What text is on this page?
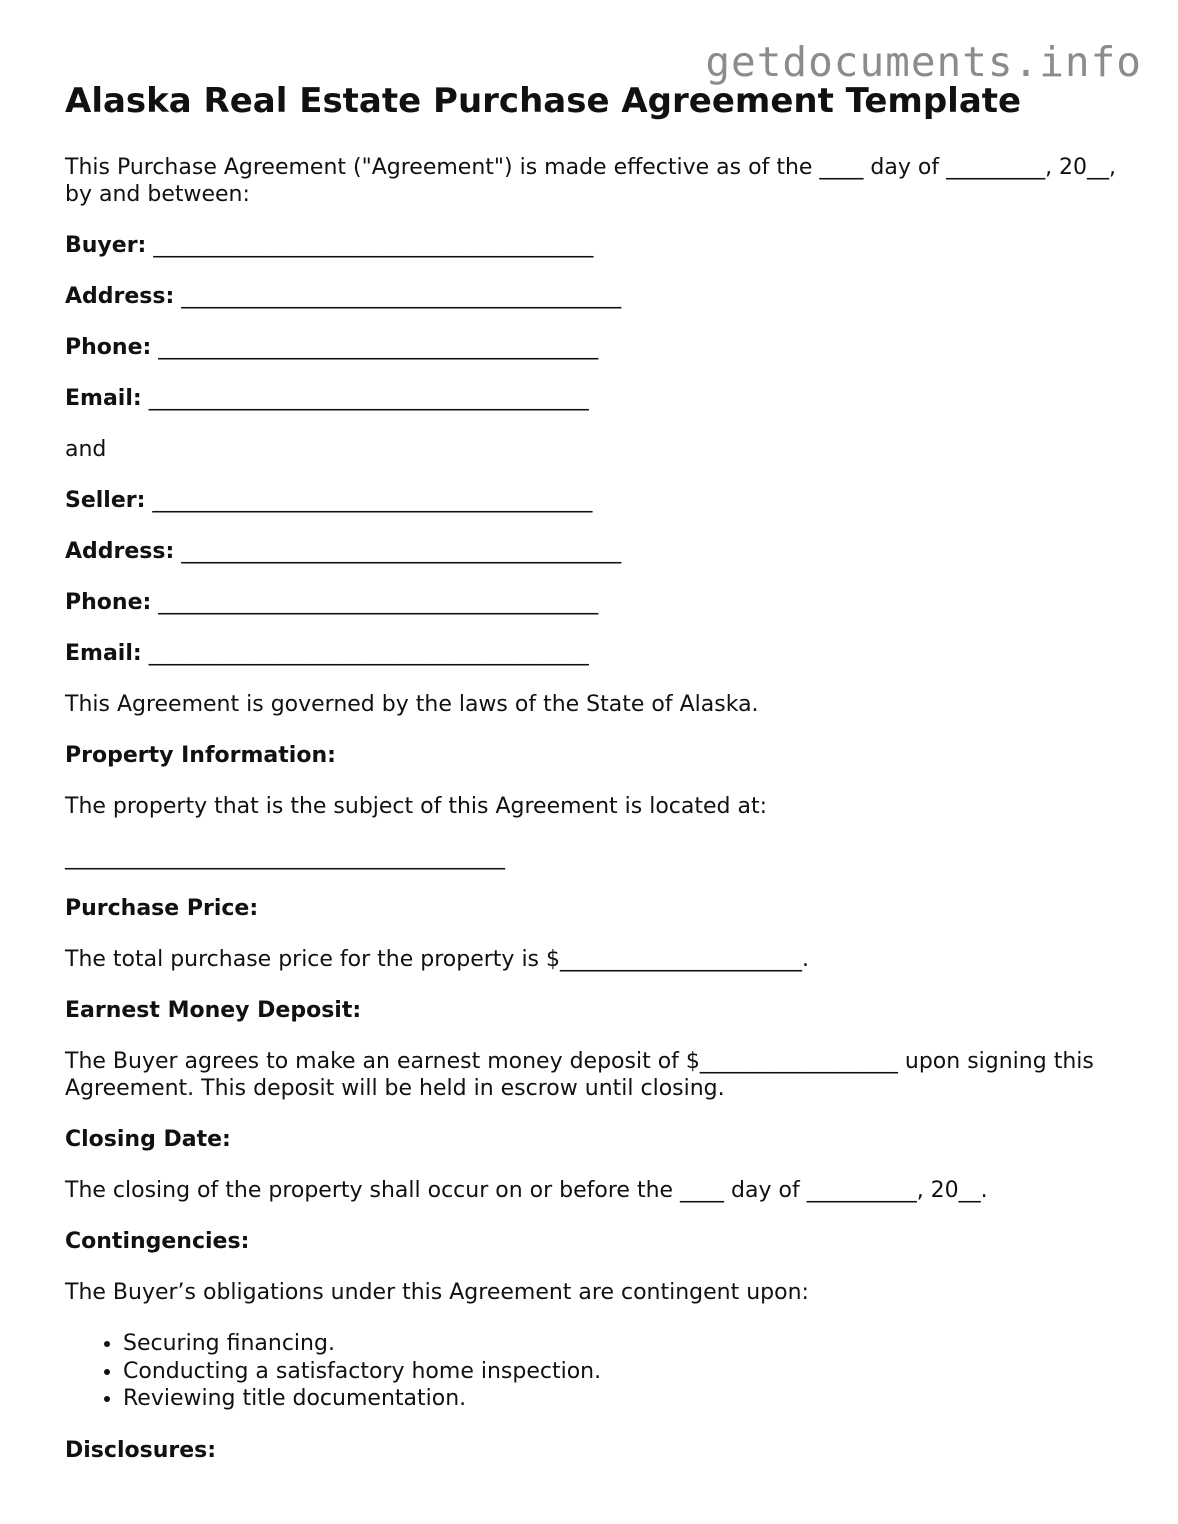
getdocuments.info
Alaska Real Estate Purchase Agreement Template

This Purchase Agreement ("Agreement") is made effective as of the ____ day of _________, 20__, by and between:

Buyer: ________________________________________

Address: ________________________________________

Phone: ________________________________________

Email: ________________________________________

and

Seller: ________________________________________

Address: ________________________________________

Phone: ________________________________________

Email: ________________________________________

This Agreement is governed by the laws of the State of Alaska.

Property Information:

The property that is the subject of this Agreement is located at:

________________________________________

Purchase Price:

The total purchase price for the property is $______________________.

Earnest Money Deposit:

The Buyer agrees to make an earnest money deposit of $__________________ upon signing this Agreement. This deposit will be held in escrow until closing.

Closing Date:

The closing of the property shall occur on or before the ____ day of __________, 20__.

Contingencies:

The Buyer’s obligations under this Agreement are contingent upon:

• Securing financing.
• Conducting a satisfactory home inspection.
• Reviewing title documentation.

Disclosures:
